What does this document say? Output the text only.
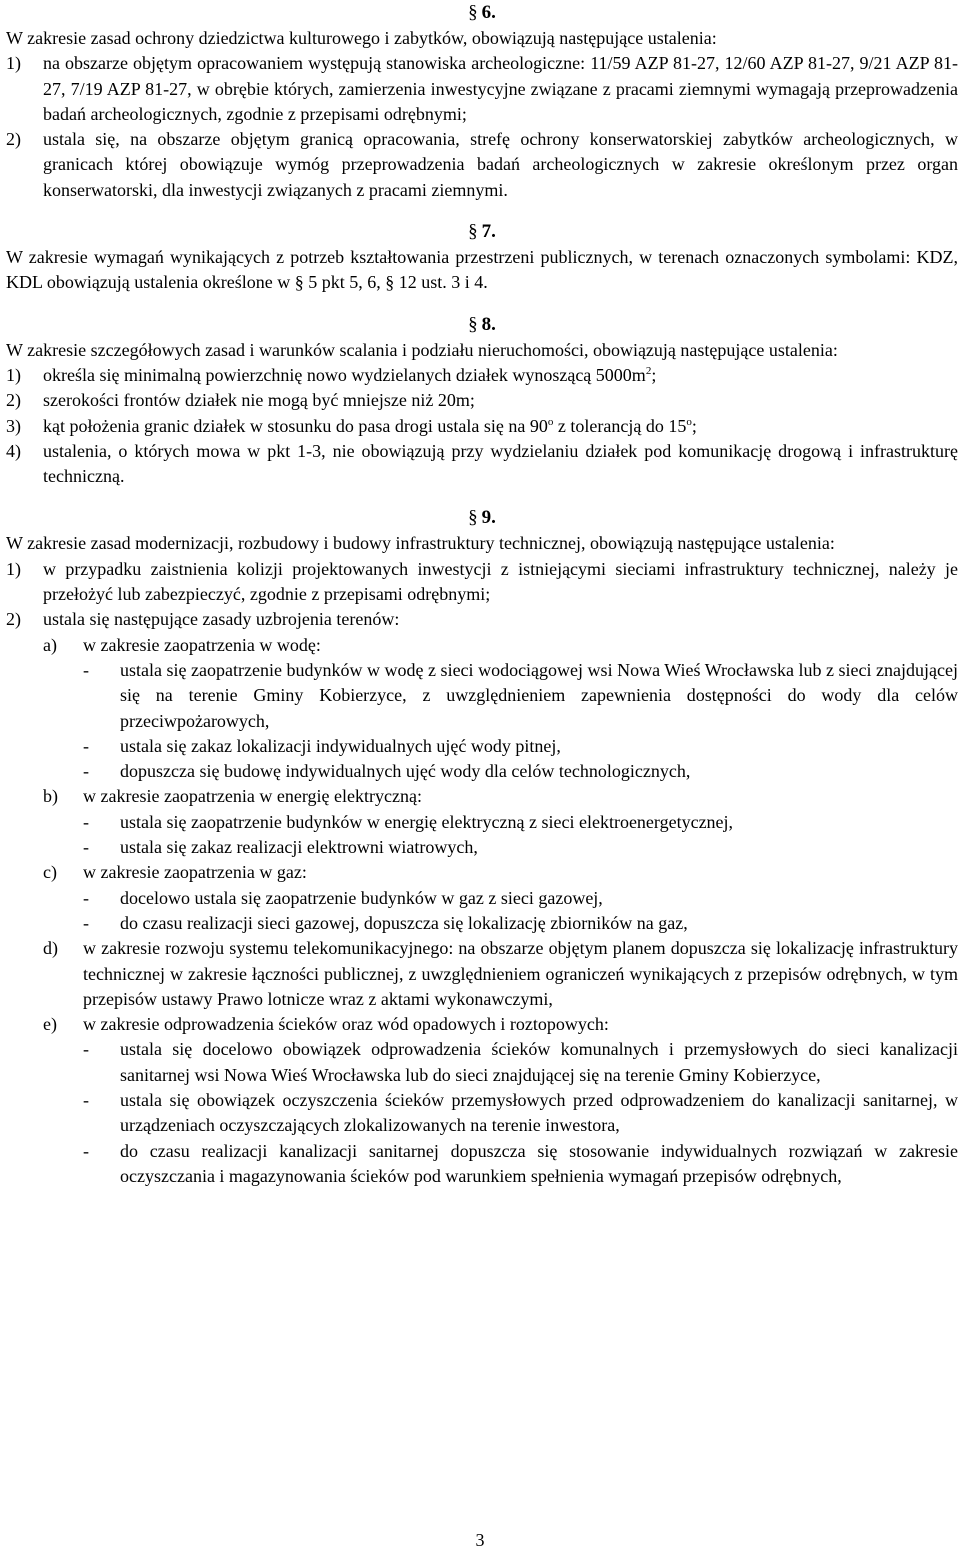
§ 6.
W zakresie zasad ochrony dziedzictwa kulturowego i zabytków, obowiązują następujące ustalenia:
1)	na obszarze objętym opracowaniem występują stanowiska archeologiczne: 11/59 AZP 81-27, 12/60 AZP 81-27, 9/21 AZP 81-27, 7/19 AZP 81-27, w obrębie których, zamierzenia inwestycyjne związane z pracami ziemnymi wymagają przeprowadzenia badań archeologicznych, zgodnie z przepisami odrębnymi;
2)	ustala się, na obszarze objętym granicą opracowania, strefę ochrony konserwatorskiej zabytków archeologicznych, w granicach której obowiązuje wymóg przeprowadzenia badań archeologicznych w zakresie określonym przez organ konserwatorski, dla inwestycji związanych z pracami ziemnymi.
§ 7.
W zakresie wymagań wynikających z potrzeb kształtowania przestrzeni publicznych, w terenach oznaczonych symbolami: KDZ, KDL obowiązują ustalenia określone w § 5 pkt 5, 6, § 12 ust. 3 i 4.
§ 8.
W zakresie szczegółowych zasad i warunków scalania i podziału nieruchomości, obowiązują następujące ustalenia:
1)	określa się minimalną powierzchnię nowo wydzielanych działek wynoszącą $5000m^2$;
2)	szerokości frontów działek nie mogą być mniejsze niż 20m;
3)	kąt położenia granic działek w stosunku do pasa drogi ustala się na 90$^o$ z tolerancją do 15$^o$;
4)	ustalenia, o których mowa w pkt 1-3, nie obowiązują przy wydzielaniu działek pod komunikację drogową i infrastrukturę techniczną.
§ 9.
W zakresie zasad modernizacji, rozbudowy i budowy infrastruktury technicznej, obowiązują następujące ustalenia:
1)	w przypadku zaistnienia kolizji projektowanych inwestycji z istniejącymi sieciami infrastruktury technicznej, należy je przełożyć lub zabezpieczyć, zgodnie z przepisami odrębnymi;
2)	ustala się następujące zasady uzbrojenia terenów:
a)	w zakresie zaopatrzenia w wodę:
-	ustala się zaopatrzenie budynków w wodę z sieci wodociągowej wsi Nowa Wieś Wrocławska lub z sieci znajdującej się na terenie Gminy Kobierzyce, z uwzględnieniem zapewnienia dostępności do wody dla celów przeciwpożarowych,
-	ustala się zakaz lokalizacji indywidualnych ujęć wody pitnej,
-	dopuszcza się budowę indywidualnych ujęć wody dla celów technologicznych,
b)	w zakresie zaopatrzenia w energię elektryczną:
-	ustala się zaopatrzenie budynków w energię elektryczną z sieci elektroenergetycznej,
-	ustala się zakaz realizacji elektrowni wiatrowych,
c)	w zakresie zaopatrzenia w gaz:
-	docelowo ustala się zaopatrzenie budynków w gaz z sieci gazowej,
-	do czasu realizacji sieci gazowej, dopuszcza się lokalizację zbiorników na gaz,
d)	w zakresie rozwoju systemu telekomunikacyjnego: na obszarze objętym planem dopuszcza się lokalizację infrastruktury technicznej w zakresie łączności publicznej, z uwzględnieniem ograniczeń wynikających z przepisów odrębnych, w tym przepisów ustawy Prawo lotnicze wraz z aktami wykonawczymi,
e)	w zakresie odprowadzenia ścieków oraz wód opadowych i roztopowych:
-	ustala się docelowo obowiązek odprowadzenia ścieków komunalnych i przemysłowych do sieci kanalizacji sanitarnej wsi Nowa Wieś Wrocławska lub do sieci znajdującej się na terenie Gminy Kobierzyce,
-	ustala się obowiązek oczyszczenia ścieków przemysłowych przed odprowadzeniem do kanalizacji sanitarnej, w urządzeniach oczyszczających zlokalizowanych na terenie inwestora,
-	do czasu realizacji kanalizacji sanitarnej dopuszcza się stosowanie indywidualnych rozwiązań w zakresie oczyszczania i magazynowania ścieków pod warunkiem spełnienia wymagań przepisów odrębnych,
3
